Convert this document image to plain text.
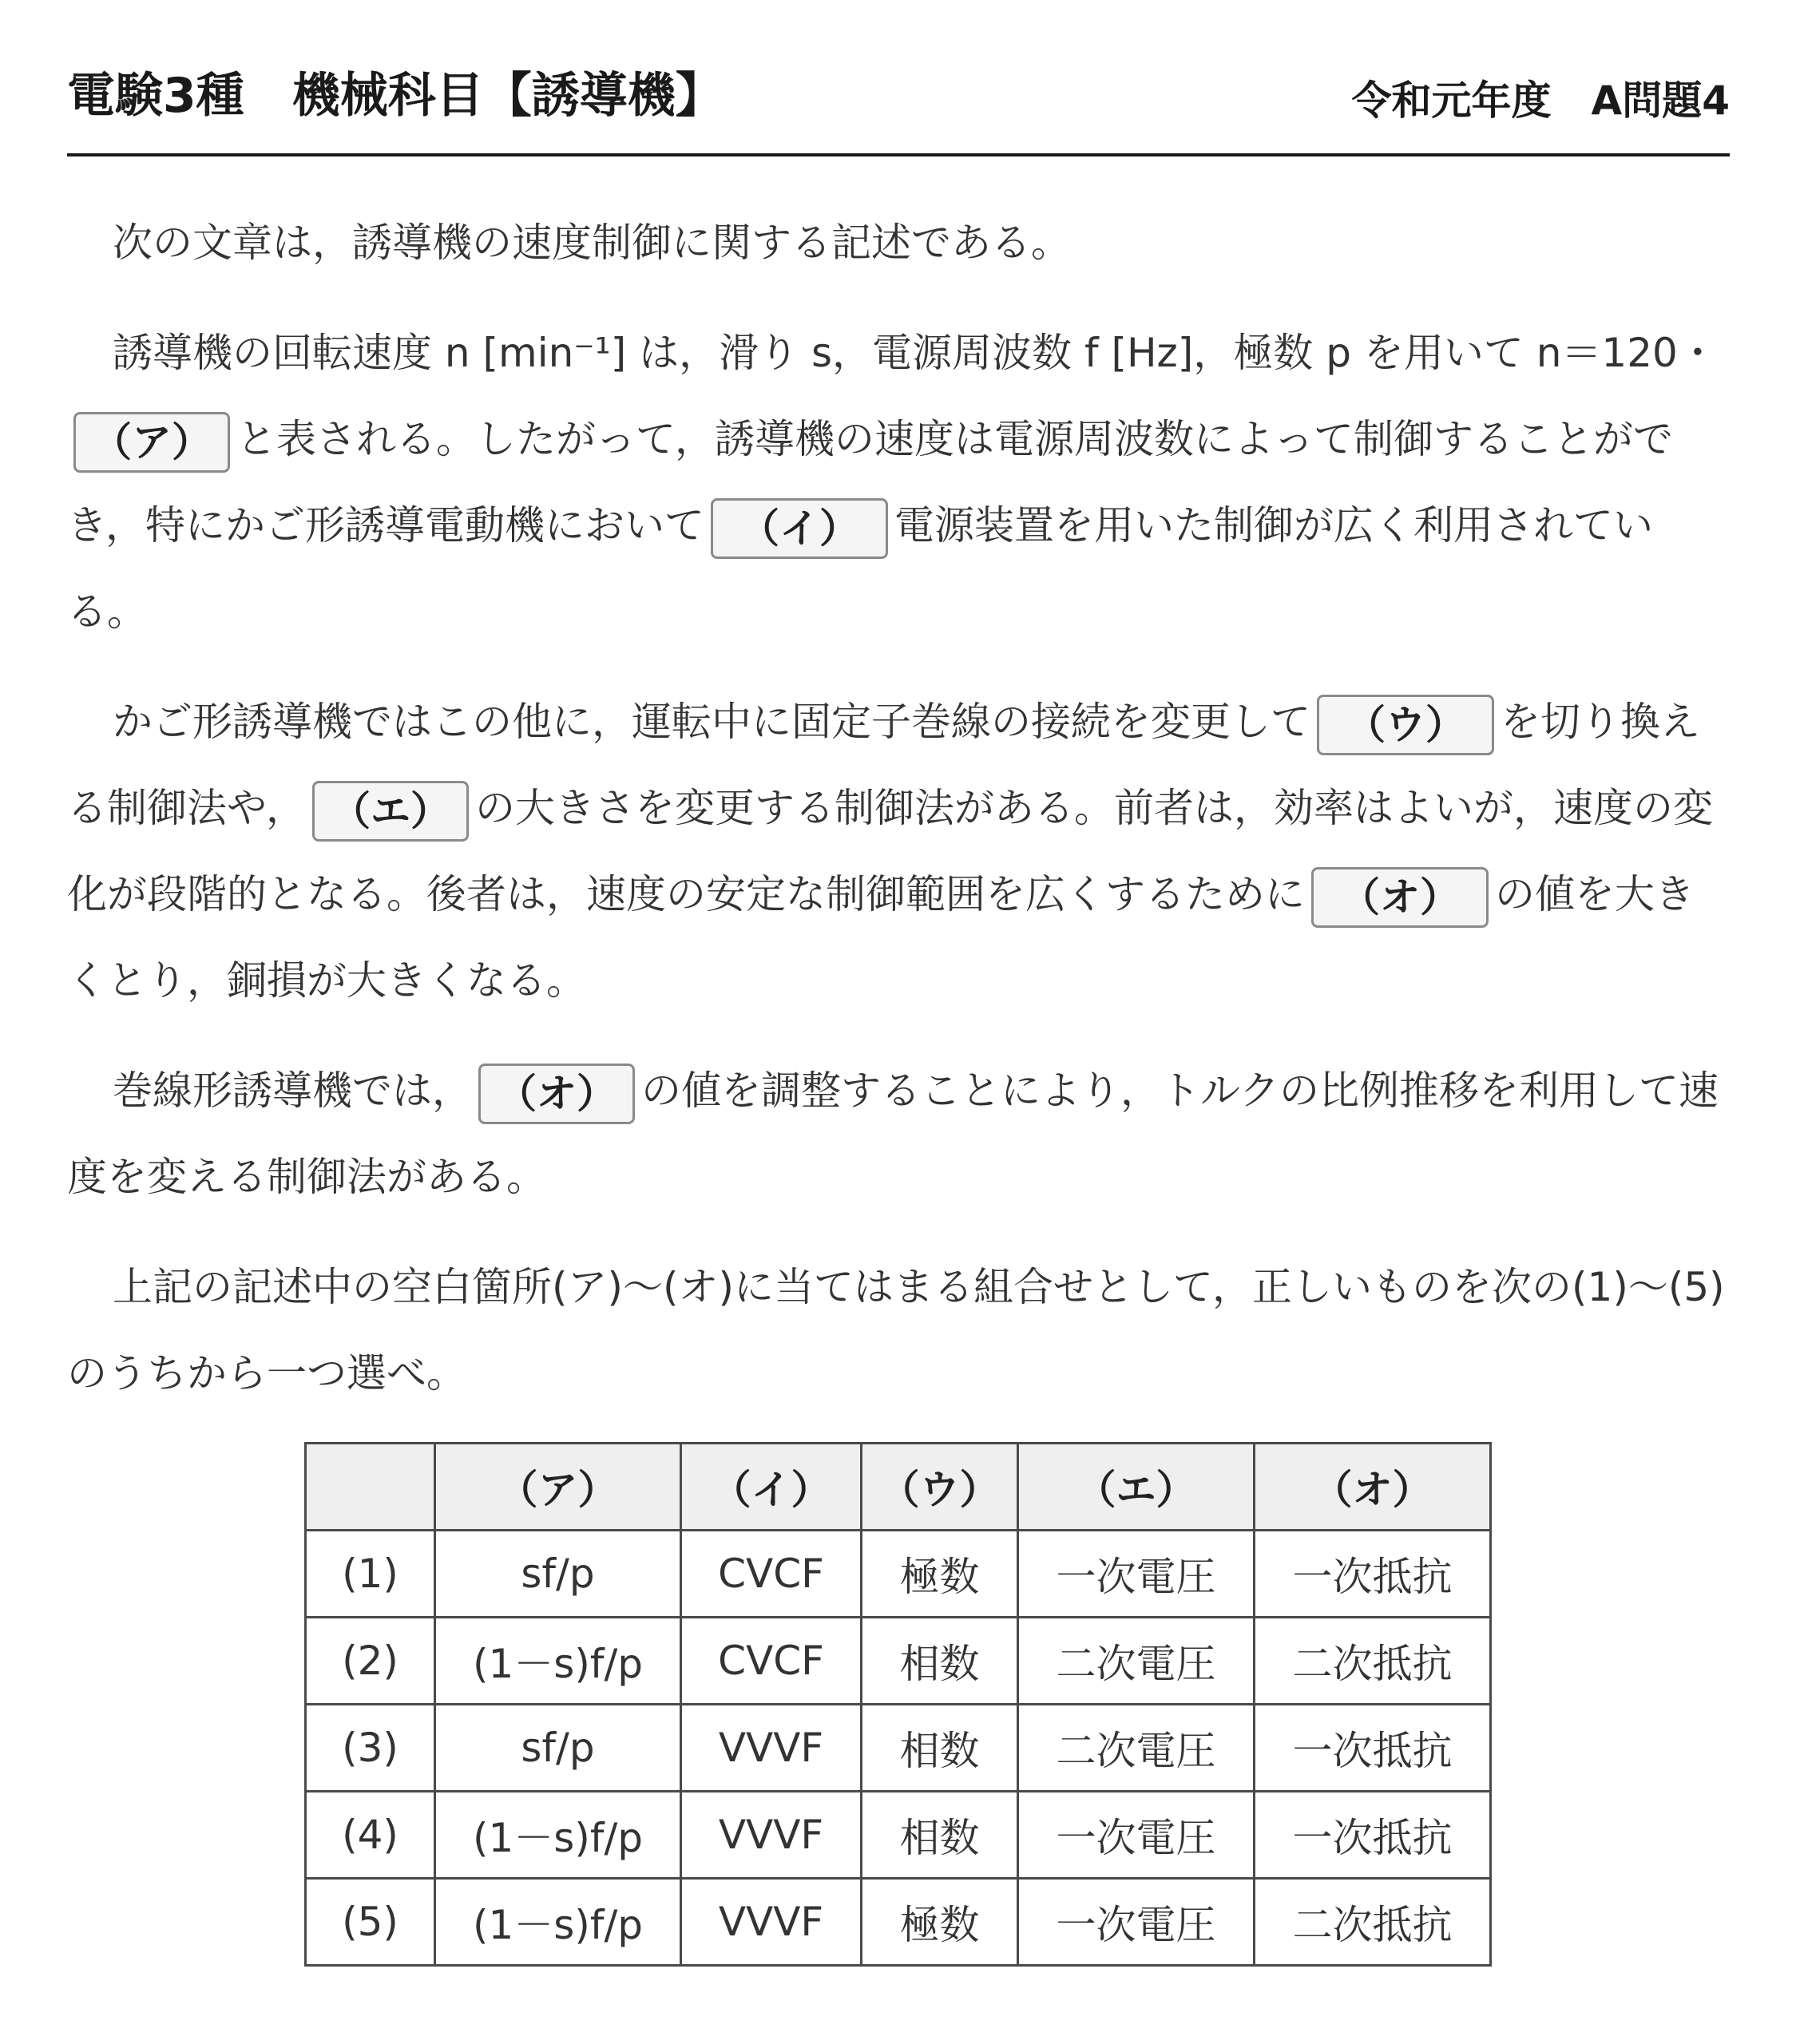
電験3種　機械科目【誘導機】	令和元年度　A問題4

次の文章は，誘導機の速度制御に関する記述である。

誘導機の回転速度 n [min⁻¹] は，滑り s，電源周波数 f [Hz]，極数 p を用いて n＝120・（ア） と表される。したがって，誘導機の速度は電源周波数によって制御することができ，特にかご形誘導電動機において （イ） 電源装置を用いた制御が広く利用されている。

かご形誘導機ではこの他に，運転中に固定子巻線の接続を変更して （ウ） を切り換える制御法や， （エ） の大きさを変更する制御法がある。前者は，効率はよいが，速度の変化が段階的となる。後者は，速度の安定な制御範囲を広くするために （オ） の値を大きくとり，銅損が大きくなる。

巻線形誘導機では， （オ） の値を調整することにより，トルクの比例推移を利用して速度を変える制御法がある。

上記の記述中の空白箇所(ア)〜(オ)に当てはまる組合せとして，正しいものを次の(1)〜(5)のうちから一つ選べ。

	（ア）	（イ）	（ウ）	（エ）	（オ）
(1)	sf/p	CVCF	極数	一次電圧	一次抵抗
(2)	(1－s)f/p	CVCF	相数	二次電圧	二次抵抗
(3)	sf/p	VVVF	相数	二次電圧	一次抵抗
(4)	(1－s)f/p	VVVF	相数	一次電圧	一次抵抗
(5)	(1－s)f/p	VVVF	極数	一次電圧	二次抵抗
